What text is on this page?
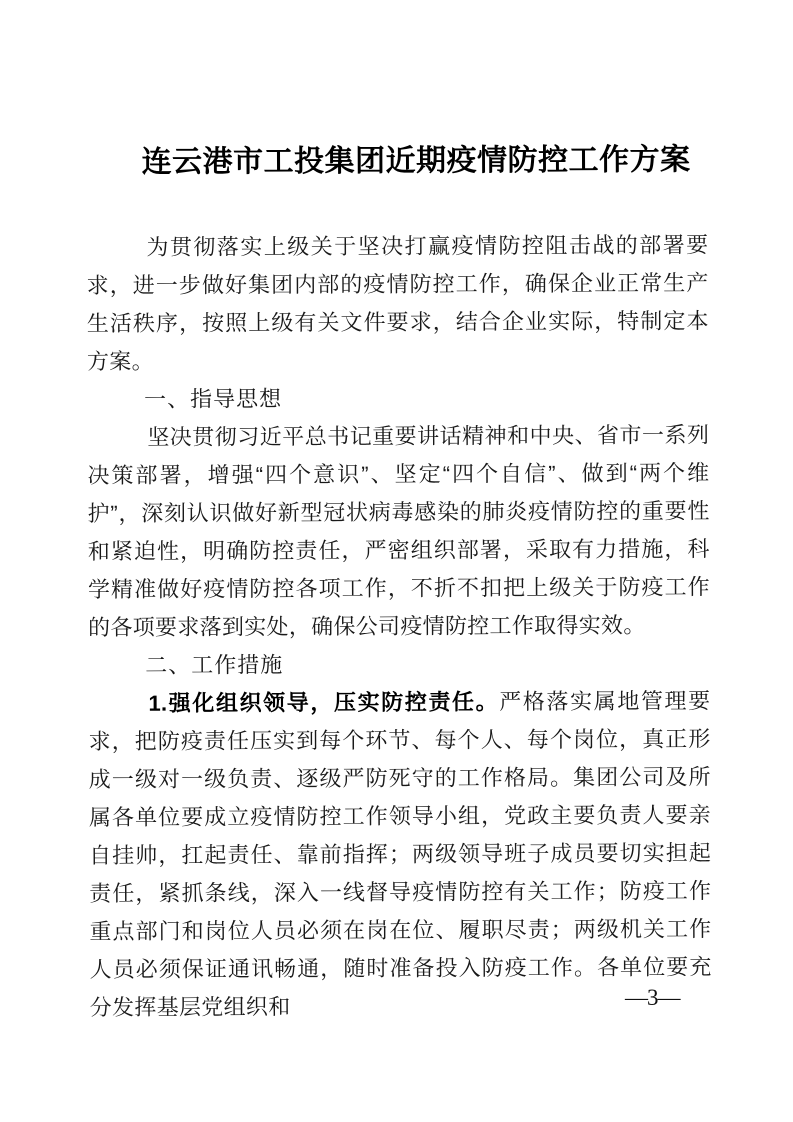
连云港市工投集团近期疫情防控工作方案

为贯彻落实上级关于坚决打赢疫情防控阻击战的部署要求，进一步做好集团内部的疫情防控工作，确保企业正常生产生活秩序，按照上级有关文件要求，结合企业实际，特制定本方案。

一、指导思想

坚决贯彻习近平总书记重要讲话精神和中央、省市一系列决策部署，增强“四个意识”、坚定“四个自信”、做到“两个维护”，深刻认识做好新型冠状病毒感染的肺炎疫情防控的重要性和紧迫性，明确防控责任，严密组织部署，采取有力措施，科学精准做好疫情防控各项工作，不折不扣把上级关于防疫工作的各项要求落到实处，确保公司疫情防控工作取得实效。

二、工作措施

1.强化组织领导，压实防控责任。严格落实属地管理要求，把防疫责任压实到每个环节、每个人、每个岗位，真正形成一级对一级负责、逐级严防死守的工作格局。集团公司及所属各单位要成立疫情防控工作领导小组，党政主要负责人要亲自挂帅，扛起责任、靠前指挥；两级领导班子成员要切实担起责任，紧抓条线，深入一线督导疫情防控有关工作；防疫工作重点部门和岗位人员必须在岗在位、履职尽责；两级机关工作人员必须保证通讯畅通，随时准备投入防疫工作。各单位要充分发挥基层党组织和	—3—
